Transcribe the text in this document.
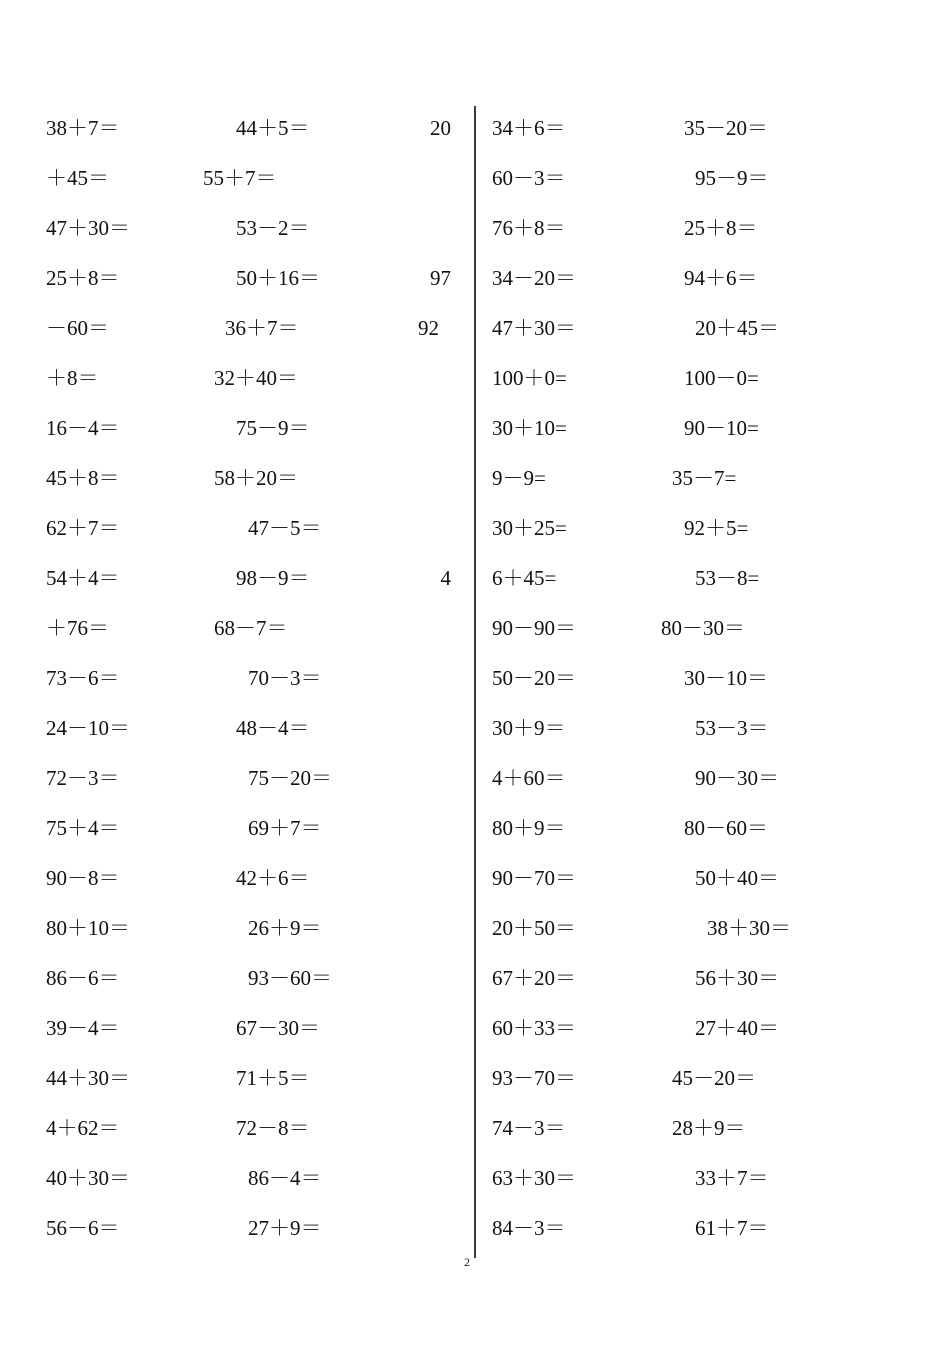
38＋7＝	44＋5＝	20 34＋6＝	35－20＝
＋45＝	55＋7＝	60－3＝	95－9＝
47＋30＝	53－2＝	76＋8＝	25＋8＝
25＋8＝	50＋16＝	97 34－20＝	94＋6＝
－60＝	36＋7＝	92	47＋30＝	20＋45＝
＋8＝	32＋40＝	100＋0=	100－0=
16－4＝	75－9＝	30＋10=	90－10=
45＋8＝	58＋20＝	9－9=	35－7=
62＋7＝	47－5＝	30＋25=	92＋5=
54＋4＝	98－9＝	4 6＋45=	53－8=
＋76＝	68－7＝	90－90＝	80－30＝
73－6＝	70－3＝	50－20＝	30－10＝
24－10＝	48－4＝	30＋9＝	53－3＝
72－3＝	75－20＝	4＋60＝	90－30＝
75＋4＝	69＋7＝	80＋9＝	80－60＝
90－8＝	42＋6＝	90－70＝	50＋40＝
80＋10＝	26＋9＝	20＋50＝	38＋30＝
86－6＝	93－60＝	67＋20＝	56＋30＝
39－4＝	67－30＝	60＋33＝	27＋40＝
44＋30＝	71＋5＝	93－70＝	45－20＝
4＋62＝	72－8＝	74－3＝	28＋9＝
40＋30＝	86－4＝	63＋30＝	33＋7＝
56－6＝	27＋9＝	84－3＝	61＋7＝
2
